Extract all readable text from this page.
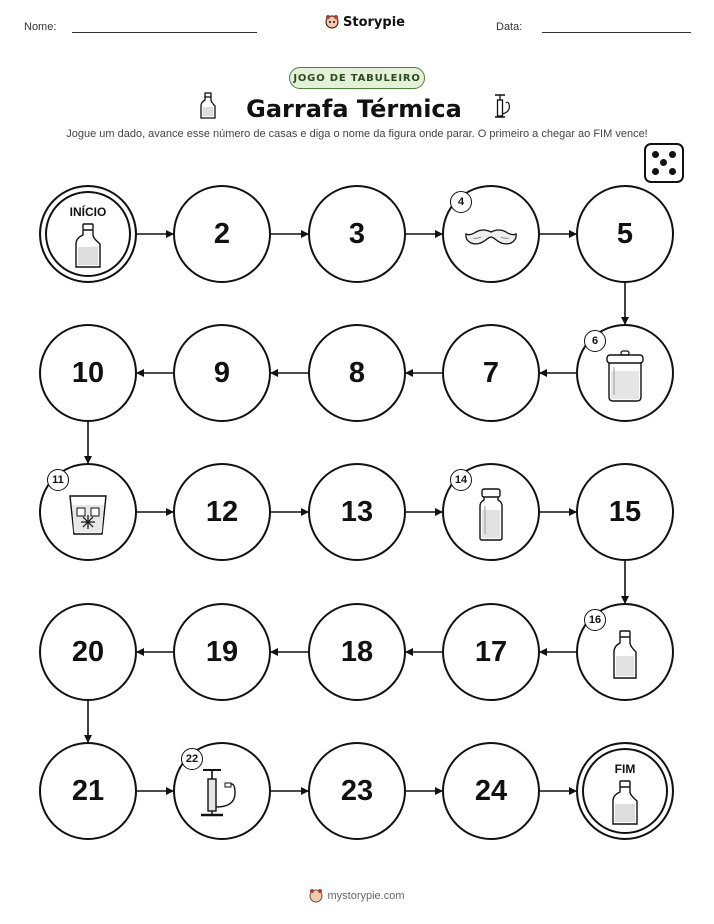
Nome:	Storypie	Data:
JOGO DE TABULEIRO
Garrafa Térmica
Jogue um dado, avance esse número de casas e diga o nome da figura onde parar. O primeiro a chegar ao FIM vence!
INÍCIO
2	3
4
5
6
7
8
9
10
11
12	13
14
15
16
17
18
19
20
21
22
23	24
FIM
mystorypie.com
